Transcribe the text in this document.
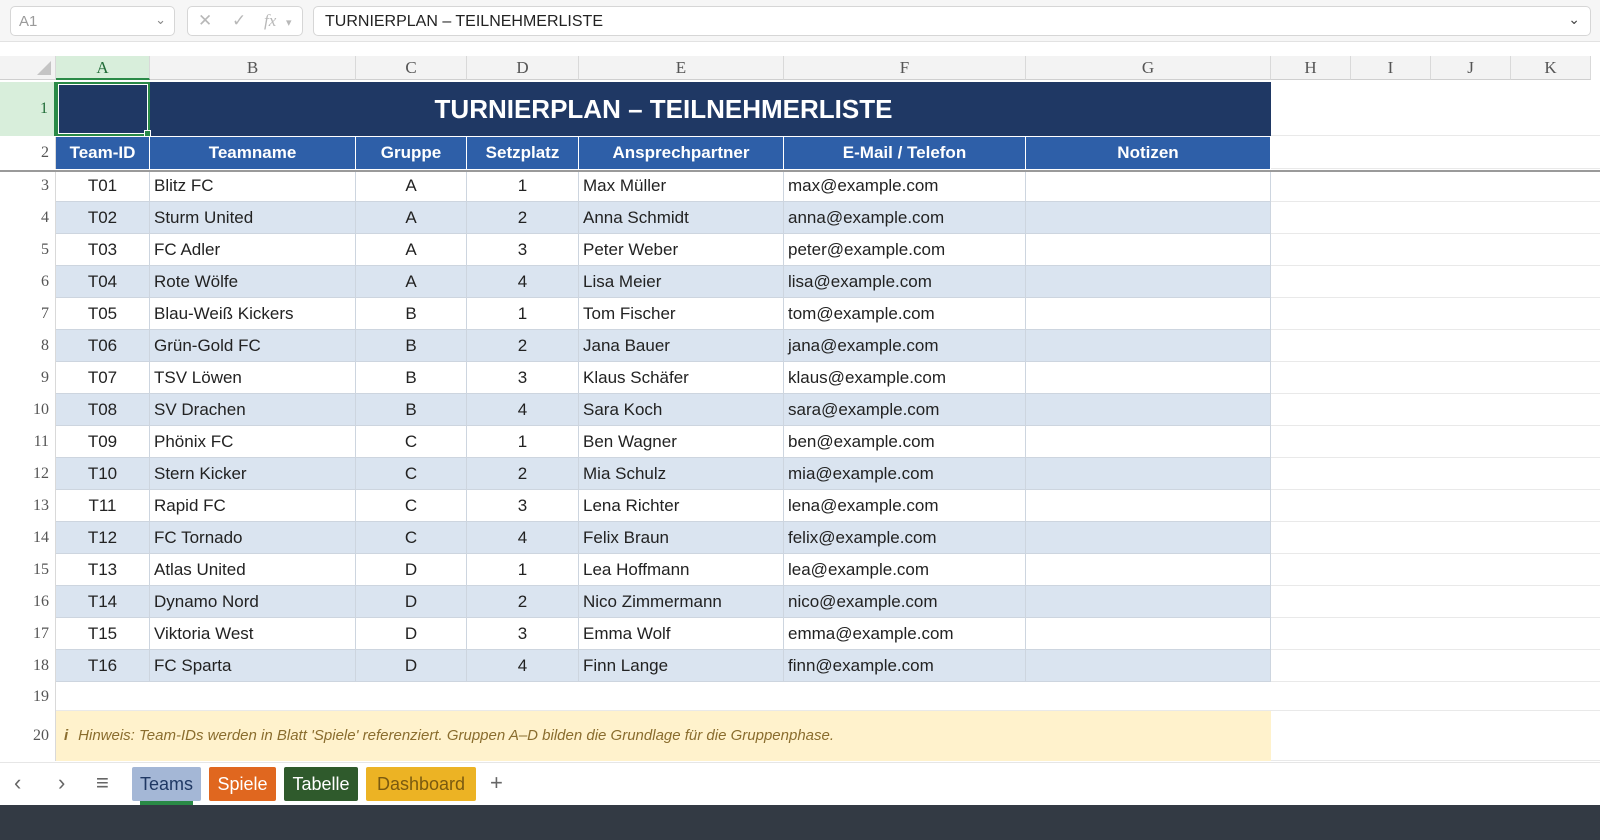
A1	⌄ ✕ ✓ fx ▾	TURNIERPLAN – TEILNEHMERLISTE	⌄
A	B	C	D	E	F	G	H	I	J	K
1
2
3
4
5
6
7
8
9
10
11
12
13
14
15
16
17
18
19
20
TURNIERPLAN – TEILNEHMERLISTE
Team-ID	Teamname	Gruppe	Setzplatz	Ansprechpartner	E-Mail / Telefon	Notizen
T01	Blitz FC	A	1	Max Müller	max@example.com
T02	Sturm United	A	2	Anna Schmidt	anna@example.com
T03	FC Adler	A	3	Peter Weber	peter@example.com
T04	Rote Wölfe	A	4	Lisa Meier	lisa@example.com
T05	Blau-Weiß Kickers	B	1	Tom Fischer	tom@example.com
T06	Grün-Gold FC	B	2	Jana Bauer	jana@example.com
T07	TSV Löwen	B	3	Klaus Schäfer	klaus@example.com
T08	SV Drachen	B	4	Sara Koch	sara@example.com
T09	Phönix FC	C	1	Ben Wagner	ben@example.com
T10	Stern Kicker	C	2	Mia Schulz	mia@example.com
T11	Rapid FC	C	3	Lena Richter	lena@example.com
T12	FC Tornado	C	4	Felix Braun	felix@example.com
T13	Atlas United	D	1	Lea Hoffmann	lea@example.com
T14	Dynamo Nord	D	2	Nico Zimmermann	nico@example.com
T15	Viktoria West	D	3	Emma Wolf	emma@example.com
T16	FC Sparta	D	4	Finn Lange	finn@example.com
i Hinweis: Team-IDs werden in Blatt 'Spiele' referenziert. Gruppen A–D bilden die Grundlage für die Gruppenphase.
‹ › ≡	Teams	Spiele	Tabelle	Dashboard	+
